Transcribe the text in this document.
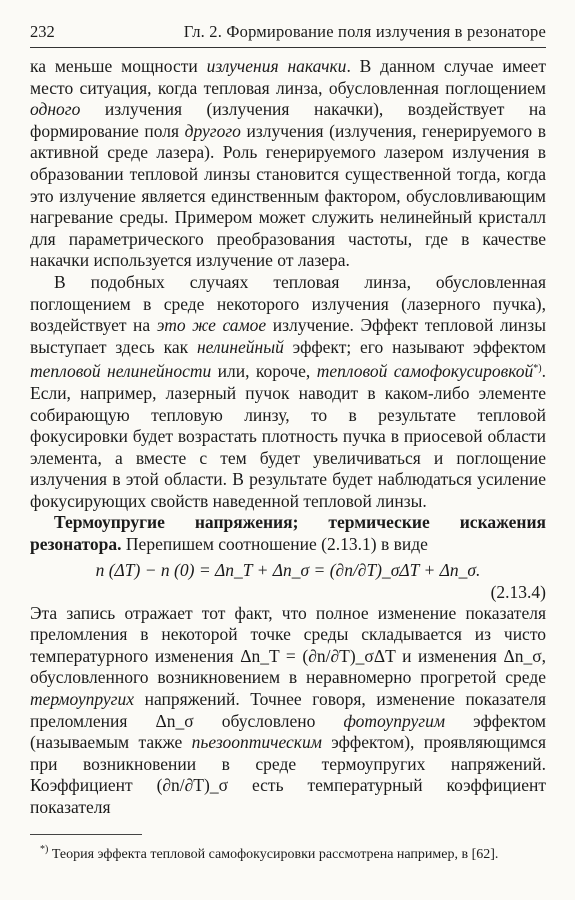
232	Гл. 2. Формирование поля излучения в резонаторе

ка меньше мощности излучения накачки. В данном случае имеет место ситуация, когда тепловая линза, обусловленная поглощением одного излучения (излучения накачки), воздействует на формирование поля другого излучения (излучения, генерируемого в активной среде лазера). Роль генерируемого лазером излучения в образовании тепловой линзы становится существенной тогда, когда это излучение является единственным фактором, обусловливающим нагревание среды. Примером может служить нелинейный кристалл для параметрического преобразования частоты, где в качестве накачки используется излучение от лазера.

В подобных случаях тепловая линза, обусловленная поглощением в среде некоторого излучения (лазерного пучка), воздействует на это же самое излучение. Эффект тепловой линзы выступает здесь как нелинейный эффект; его называют эффектом тепловой нелинейности или, короче, тепловой самофокусировкой*). Если, например, лазерный пучок наводит в каком-либо элементе собирающую тепловую линзу, то в результате тепловой фокусировки будет возрастать плотность пучка в приосевой области элемента, а вместе с тем будет увеличиваться и поглощение излучения в этой области. В результате будет наблюдаться усиление фокусирующих свойств наведенной тепловой линзы.

Термоупругие напряжения; термические искажения резонатора. Перепишем соотношение (2.13.1) в виде

n (ΔT) − n (0) = Δn_T + Δn_σ = (∂n/∂T)_σΔT + Δn_σ.
(2.13.4)

Эта запись отражает тот факт, что полное изменение показателя преломления в некоторой точке среды складывается из чисто температурного изменения Δn_T = (∂n/∂T)_σΔT и изменения Δn_σ, обусловленного возникновением в неравномерно прогретой среде термоупругих напряжений. Точнее говоря, изменение показателя преломления Δn_σ обусловлено фотоупругим эффектом (называемым также пьезооптическим эффектом), проявляющимся при возникновении в среде термоупругих напряжений. Коэффициент (∂n/∂T)_σ есть температурный коэффициент показателя

*) Теория эффекта тепловой самофокусировки рассмотрена например, в [62].
